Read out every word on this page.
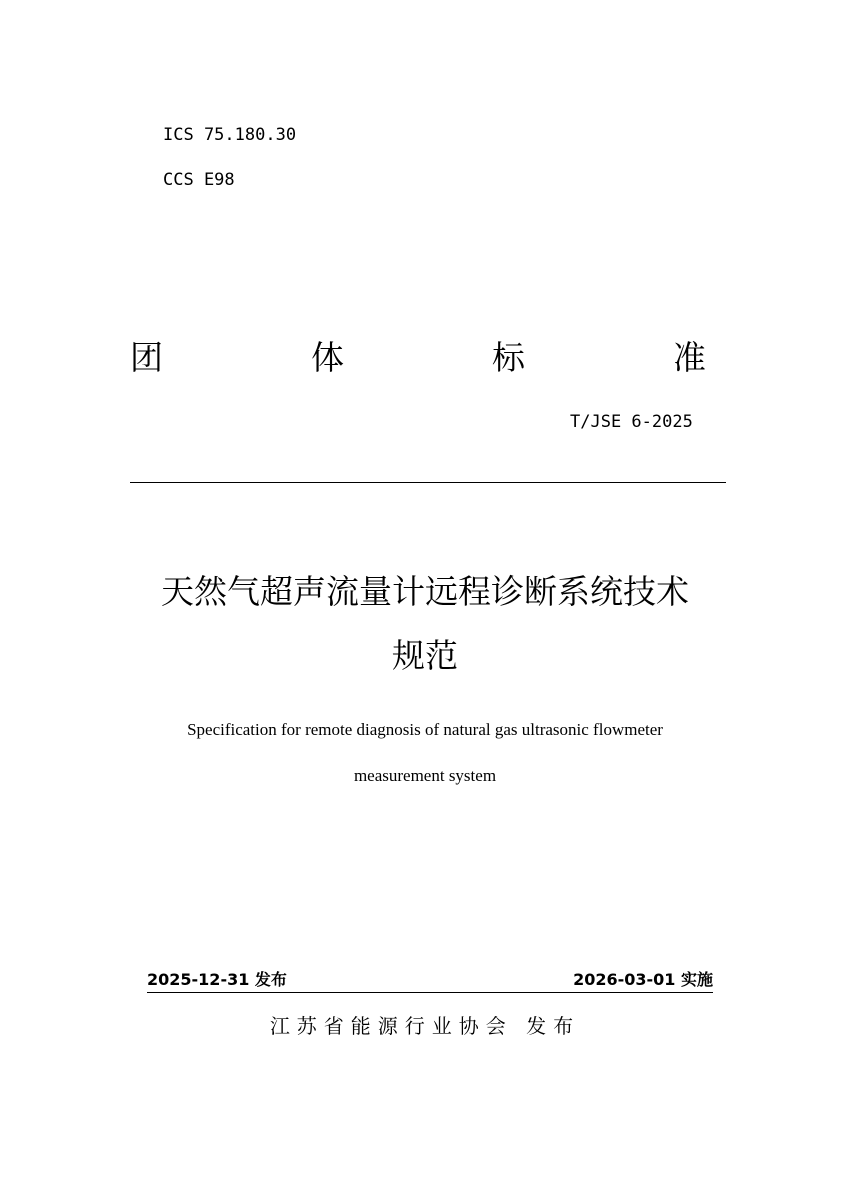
ICS 75.180.30
CCS E98
团	体	标	准
T/JSE 6-2025
天然气超声流量计远程诊断系统技术
规范
Specification for remote diagnosis of natural gas ultrasonic flowmeter
measurement system
2025-12-31 发布	2026-03-01 实施
江苏省能源行业协会 发布
